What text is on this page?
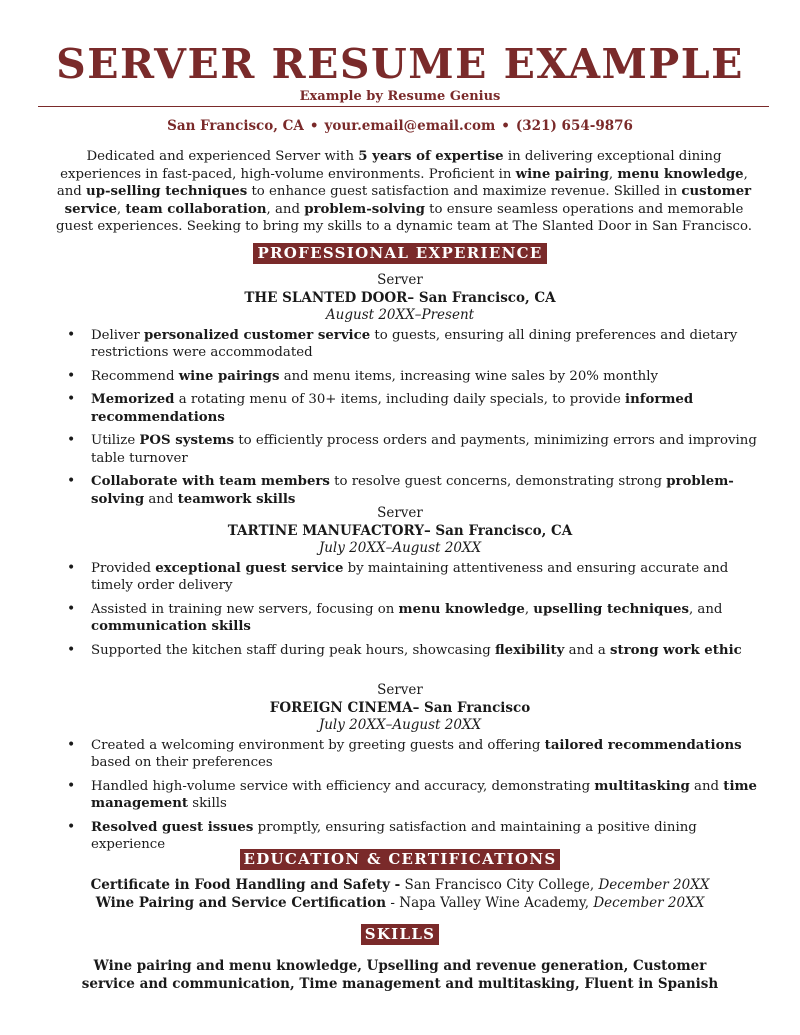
SERVER RESUME EXAMPLE
Example by Resume Genius
San Francisco, CA • your.email@email.com • (321) 654-9876
Dedicated and experienced Server with 5 years of expertise in delivering exceptional dining experiences in fast-paced, high-volume environments. Proficient in wine pairing, menu knowledge, and up-selling techniques to enhance guest satisfaction and maximize revenue. Skilled in customer service, team collaboration, and problem-solving to ensure seamless operations and memorable guest experiences. Seeking to bring my skills to a dynamic team at The Slanted Door in San Francisco.
PROFESSIONAL EXPERIENCE
Server
THE SLANTED DOOR– San Francisco, CA
August 20XX–Present
• Deliver personalized customer service to guests, ensuring all dining preferences and dietary restrictions were accommodated
• Recommend wine pairings and menu items, increasing wine sales by 20% monthly
• Memorized a rotating menu of 30+ items, including daily specials, to provide informed recommendations
• Utilize POS systems to efficiently process orders and payments, minimizing errors and improving table turnover
• Collaborate with team members to resolve guest concerns, demonstrating strong problem-solving and teamwork skills
Server
TARTINE MANUFACTORY– San Francisco, CA
July 20XX–August 20XX
• Provided exceptional guest service by maintaining attentiveness and ensuring accurate and timely order delivery
• Assisted in training new servers, focusing on menu knowledge, upselling techniques, and communication skills
• Supported the kitchen staff during peak hours, showcasing flexibility and a strong work ethic
Server
FOREIGN CINEMA– San Francisco
July 20XX–August 20XX
• Created a welcoming environment by greeting guests and offering tailored recommendations based on their preferences
• Handled high-volume service with efficiency and accuracy, demonstrating multitasking and time management skills
• Resolved guest issues promptly, ensuring satisfaction and maintaining a positive dining experience
EDUCATION & CERTIFICATIONS
Certificate in Food Handling and Safety - San Francisco City College, December 20XX
Wine Pairing and Service Certification - Napa Valley Wine Academy, December 20XX
SKILLS
Wine pairing and menu knowledge, Upselling and revenue generation, Customer service and communication, Time management and multitasking, Fluent in Spanish
